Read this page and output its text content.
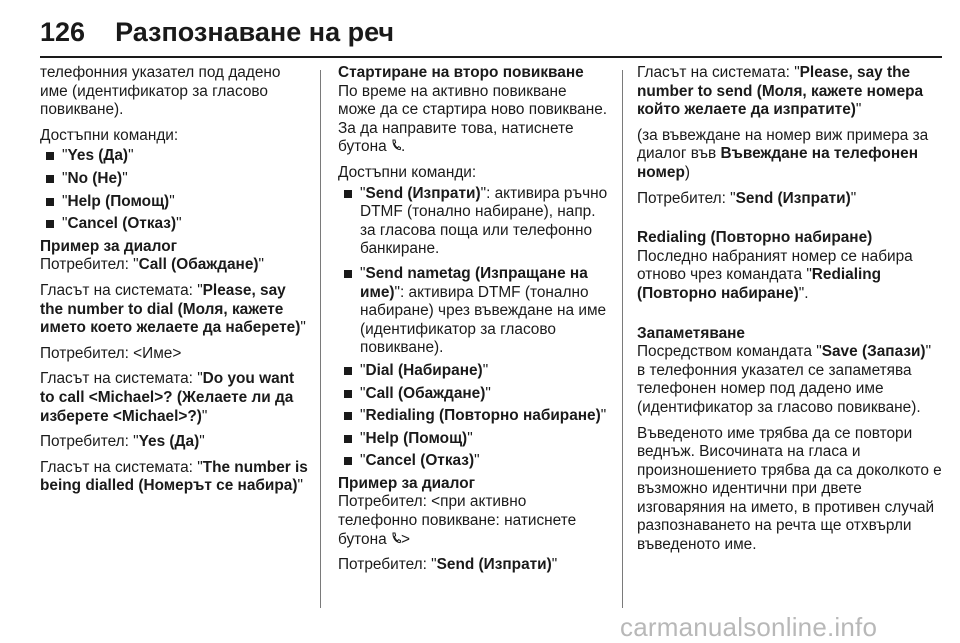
126 Разпознаване на реч

телефонния указател под дадено име (идентификатор за гласово повикване).

Достъпни команди:

"Yes (Да)"
"No (Не)"
"Help (Помощ)"
"Cancel (Отказ)"

Пример за диалог

Потребител: "Call (Обаждане)"

Гласът на системата: "Please, say the number to dial (Моля, кажете името което желаете да наберете)"

Потребител: <Име>

Гласът на системата: "Do you want to call <Michael>? (Желаете ли да изберете <Michael>?)"

Потребител: "Yes (Да)"

Гласът на системата: "The number is being dialled (Номерът се набира)"

Стартиране на второ повикване

По време на активно повикване може да се стартира ново повикване. За да направите това, натиснете бутона .

Достъпни команди:

"Send (Изпрати)": активира ръчно DTMF (тонално набиране), напр. за гласова поща или телефонно банкиране.
"Send nametag (Изпращане на име)": активира DTMF (тонално набиране) чрез въвеждане на име (идентификатор за гласово повикване).
"Dial (Набиране)"
"Call (Обаждане)"
"Redialing (Повторно набиране)"
"Help (Помощ)"
"Cancel (Отказ)"

Пример за диалог

Потребител: <при активно телефонно повикване: натиснете бутона >

Потребител: "Send (Изпрати)"

Гласът на системата: "Please, say the number to send (Моля, кажете номера който желаете да изпратите)"

(за въвеждане на номер виж примера за диалог във Въвеждане на телефонен номер)

Потребител: "Send (Изпрати)"

Redialing (Повторно набиране)

Последно набраният номер се набира отново чрез командата "Redialing (Повторно набиране)".

Запаметяване

Посредством командата "Save (Запази)" в телефонния указател се запаметява телефонен номер под дадено име (идентификатор за гласово повикване).

Въведеното име трябва да се повтори веднъж. Височината на гласа и произношението трябва да са доколкото е възможно идентични при двете изговаряния на името, в противен случай разпознаването на речта ще отхвърли въведеното име.

carmanualsonline.info
